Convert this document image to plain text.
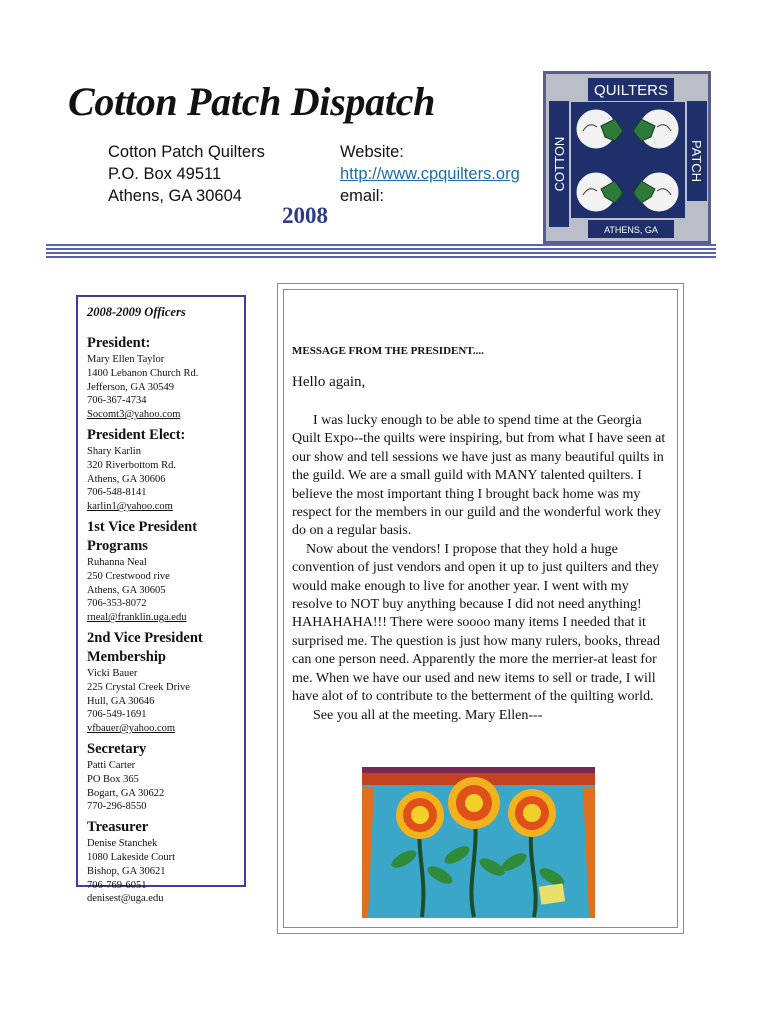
Cotton Patch Dispatch
Cotton Patch Quilters
P.O. Box 49511
Athens, GA 30604
Website:
http://www.cpquilters.org
email:
2008
QUILTERS
COTTON	PATCH
ATHENS, GA
2008-2009 Officers
President:
Mary Ellen Taylor
1400 Lebanon Church Rd.
Jefferson, GA 30549
706-367-4734
Socomt3@yahoo.com
President Elect:
Shary Karlin
320 Riverbottom Rd.
Athens, GA 30606
706-548-8141
karlin1@yahoo.com
1st Vice President
Programs
Ruhanna Neal
250 Crestwood rive
Athens, GA 30605
706-353-8072
rneal@franklin.uga.edu
2nd Vice President
Membership
Vicki Bauer
225 Crystal Creek Drive
Hull, GA 30646
706-549-1691
vfbauer@yahoo.com
Secretary
Patti Carter
PO Box 365
Bogart, GA 30622
770-296-8550
Treasurer
Denise Stanchek
1080 Lakeside Court
Bishop, GA 30621
706-769-6051
denisest@uga.edu
MESSAGE FROM THE PRESIDENT....
Hello again,

I was lucky enough to be able to spend time at the Georgia Quilt Expo--the quilts were inspiring, but from what I have seen at our show and tell sessions we have just as many beautiful quilts in the guild. We are a small guild with MANY talented quilters. I believe the most important thing I brought back home was my respect for the members in our guild and the wonderful work they do on a regular basis.

Now about the vendors! I propose that they hold a huge convention of just vendors and open it up to just quilters and they would make enough to live for another year. I went with my resolve to NOT buy anything because I did not need anything! HAHAHAHA!!! There were soooo many items I needed that it surprised me. The question is just how many rulers, books, thread can one person need. Apparently the more the merrier-at least for me. When we have our used and new items to sell or trade, I will have alot of to contribute to the betterment of the quilting world.

See you all at the meeting. Mary Ellen---
